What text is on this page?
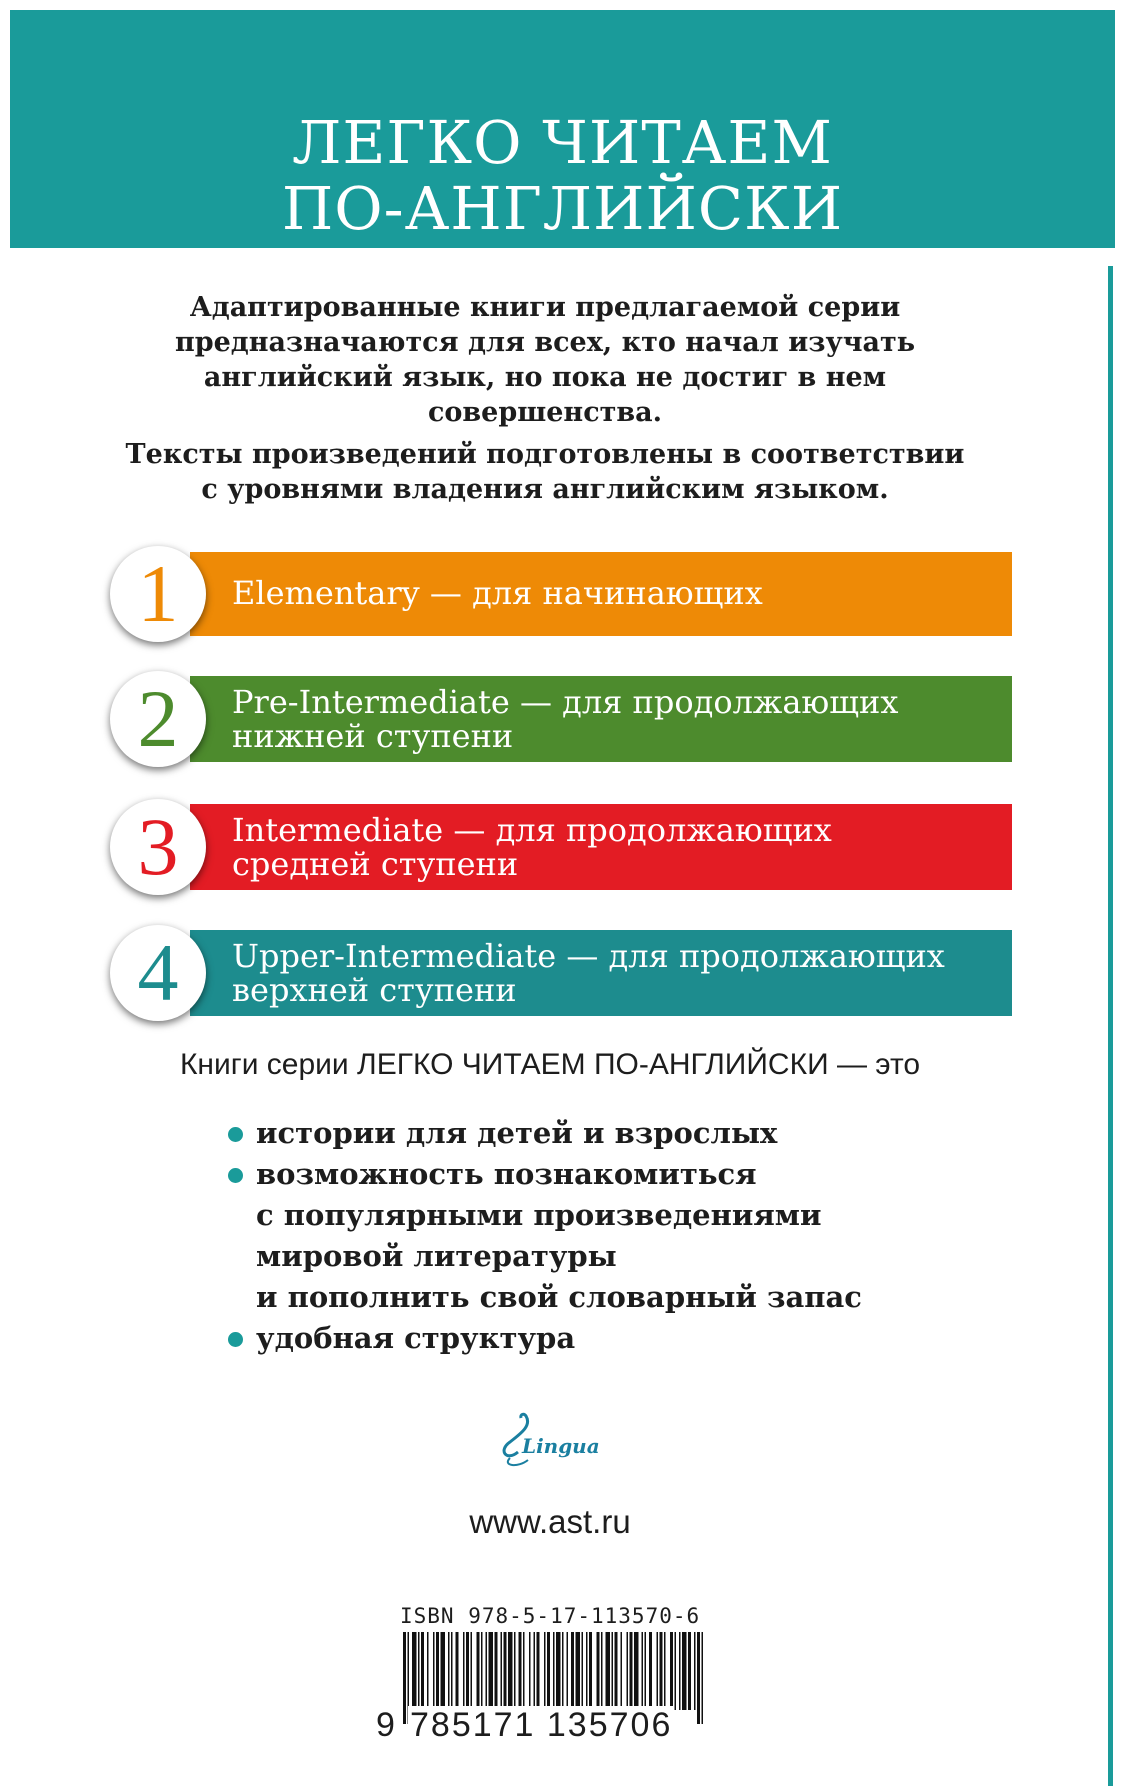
ЛЕГКО ЧИТАЕМ
ПО-АНГЛИЙСКИ

Адаптированные книги предлагаемой серии
предназначаются для всех, кто начал изучать
английский язык, но пока не достиг в нем
совершенства.

Тексты произведений подготовлены в соответствии
с уровнями владения английским языком.

1	Elementary — для начинающих
2	Pre-Intermediate — для продолжающих
нижней ступени
3	Intermediate — для продолжающих
средней ступени
4	Upper-Intermediate — для продолжающих
верхней ступени

Книги серии ЛЕГКО ЧИТАЕМ ПО-АНГЛИЙСКИ — это

истории для детей и взрослых
возможность познакомиться
с популярными произведениями
мировой литературы
и пополнить свой словарный запас
удобная структура
Lingua

www.ast.ru

ISBN 978-5-17-113570-6
9 785171 135706
